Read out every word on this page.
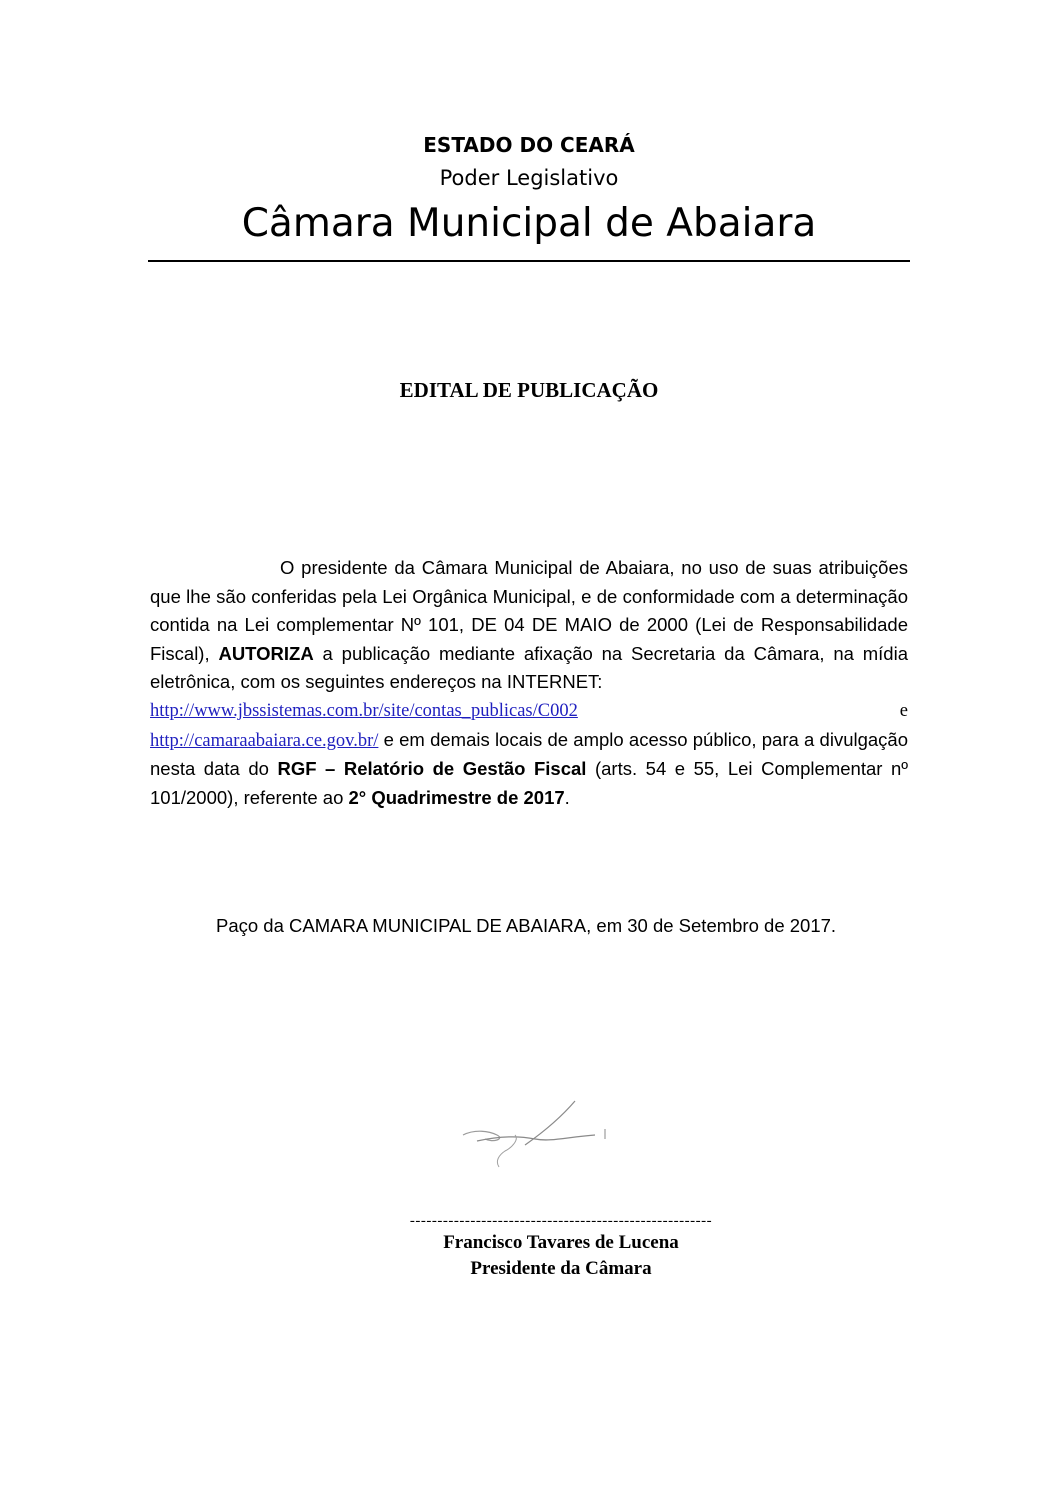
ESTADO DO CEARÁ
Poder Legislativo
Câmara Municipal de Abaiara
EDITAL DE PUBLICAÇÃO
O presidente da Câmara Municipal de Abaiara, no uso de suas atribuições que lhe são conferidas pela Lei Orgânica Municipal, e de conformidade com a determinação contida na Lei complementar Nº 101, DE 04 DE MAIO de 2000 (Lei de Responsabilidade Fiscal), AUTORIZA a publicação mediante afixação na Secretaria da Câmara, na mídia eletrônica, com os seguintes endereços na INTERNET:
http://www.jbssistemas.com.br/site/contas_publicas/C002	e
http://camaraabaiara.ce.gov.br/ e em demais locais de amplo acesso público, para a divulgação nesta data do RGF – Relatório de Gestão Fiscal (arts. 54 e 55, Lei Complementar nº 101/2000), referente ao 2° Quadrimestre de 2017.

Paço da CAMARA MUNICIPAL DE ABAIARA, em 30 de Setembro de 2017.

-------------------------------------------------------
Francisco Tavares de Lucena
Presidente da Câmara
